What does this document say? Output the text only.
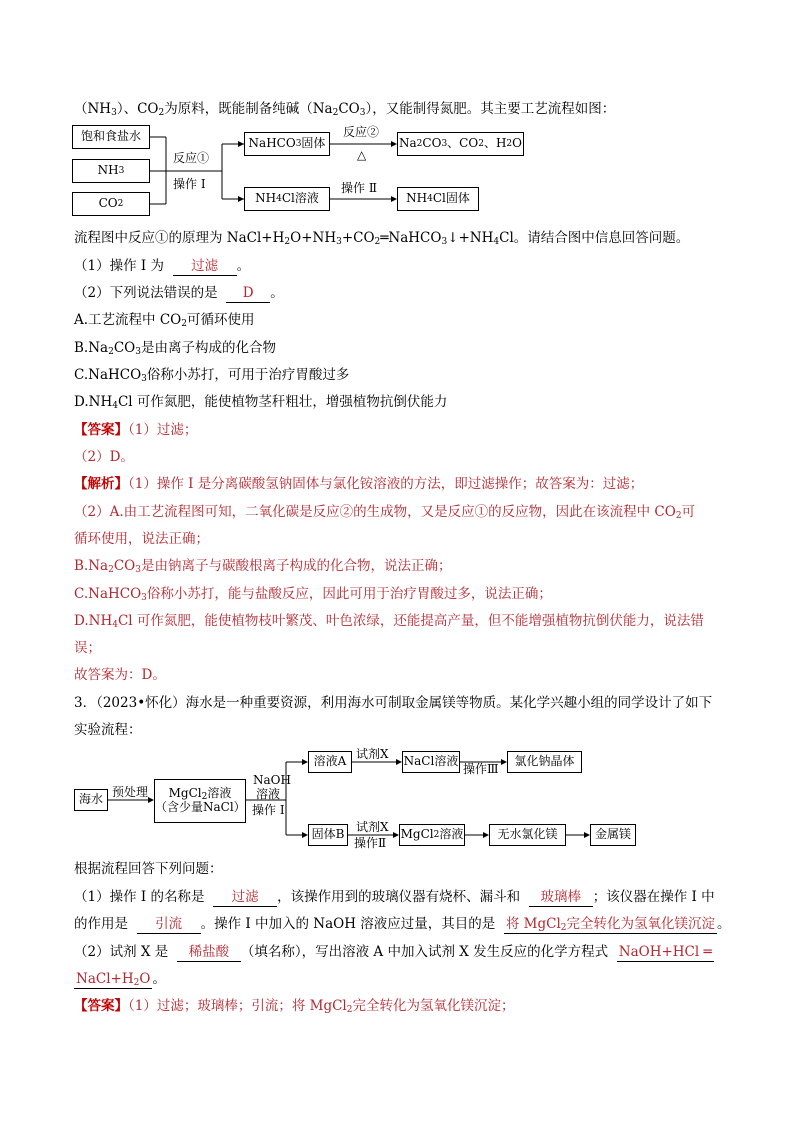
$(NH_3)$、$CO_2$为原料，既能制备纯碱$(Na_2CO_3)$，又能制得氮肥。其主要工艺流程如图：
饱和食盐水
NH 3
CO 2
反应①
操作 I
NaHCO 3 固体
反应②
△
Na 2 CO 3 、CO 2 、H 2 O
NH 4 Cl溶液
操作 Ⅱ
NH 4 Cl固体
流程图中反应①的原理为 $NaCl+H_2O+NH_3+CO_2═NaHCO_3↓+NH_4Cl$。请结合图中信息回答问题。
（1）操作 I 为 过滤 。
（2）下列说法错误的是 D 。
A.工艺流程中 $CO_2$可循环使用
$B.Na_2CO_3$是由离子构成的化合物
C.NaHCO$_3$俗称小苏打，可用于治疗胃酸过多
$D.NH_4Cl$ 可作氮肥，能使植物茎秆粗壮，增强植物抗倒伏能力
【答案】（1）过滤；
（2）D。
【解析】（1）操作 I 是分离碳酸氢钠固体与氯化铵溶液的方法，即过滤操作；故答案为：过滤；
（2）A.由工艺流程图可知，二氧化碳是反应②的生成物，又是反应①的反应物，因此在该流程中 $CO_2$可
循环使用，说法正确；
$B.Na_2CO_3$是由钠离子与碳酸根离子构成的化合物，说法正确；
C.NaHCO$_3$俗称小苏打，能与盐酸反应，因此可用于治疗胃酸过多，说法正确；
$D.NH_4Cl$ 可作氮肥，能使植物枝叶繁茂、叶色浓绿，还能提高产量，但不能增强植物抗倒伏能力，说法错
误；
故答案为：D。
3．（2023•怀化）海水是一种重要资源，利用海水可制取金属镁等物质。某化学兴趣小组的同学设计了如下
实验流程：
海水
预处理 MgCl$_2$溶液
（含少量NaCl）
NaOH
溶液
操作 I
溶液A
试剂X
NaCl溶液
操作Ⅲ
氯化钠晶体
固体B
试剂X
操作Ⅱ
MgCl 2 溶液	无水氯化镁	金属镁
根据流程回答下列问题：
（1）操作 I 的名称是 过滤 ，该操作用到的玻璃仪器有烧杯、漏斗和 玻璃棒 ；该仪器在操作 I 中
的作用是 引流 。操作 I 中加入的 NaOH 溶液应过量，其目的是 将 MgCl$_2$完全转化为氢氧化镁沉淀 。
（2）试剂 X 是 稀盐酸 （填名称），写出溶液 A 中加入试剂 X 发生反应的化学方程式 NaOH+HCl ═
$NaCl+H_2O$ 。
【答案】（1）过滤；玻璃棒；引流；将 MgCl$_2$完全转化为氢氧化镁沉淀；
